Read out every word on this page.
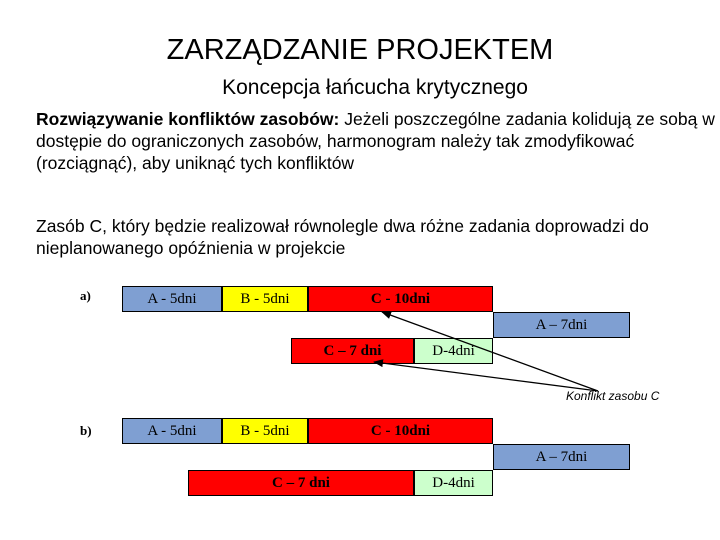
ZARZĄDZANIE PROJEKTEM
Koncepcja łańcucha krytycznego
Rozwiązywanie konfliktów zasobów: Jeżeli poszczególne zadania kolidują ze sobą w dostępie do ograniczonych zasobów, harmonogram należy tak zmodyfikować (rozciągnąć), aby uniknąć tych konfliktów
Zasób C, który będzie realizował równolegle dwa różne zadania doprowadzi do nieplanowanego opóźnienia w projekcie
a)	A - 5dni	B - 5dni	C - 10dni
A – 7dni
C – 7 dni	D-4dni
Konflikt zasobu C
b)	A - 5dni	B - 5dni	C - 10dni
A – 7dni
C – 7 dni	D-4dni
